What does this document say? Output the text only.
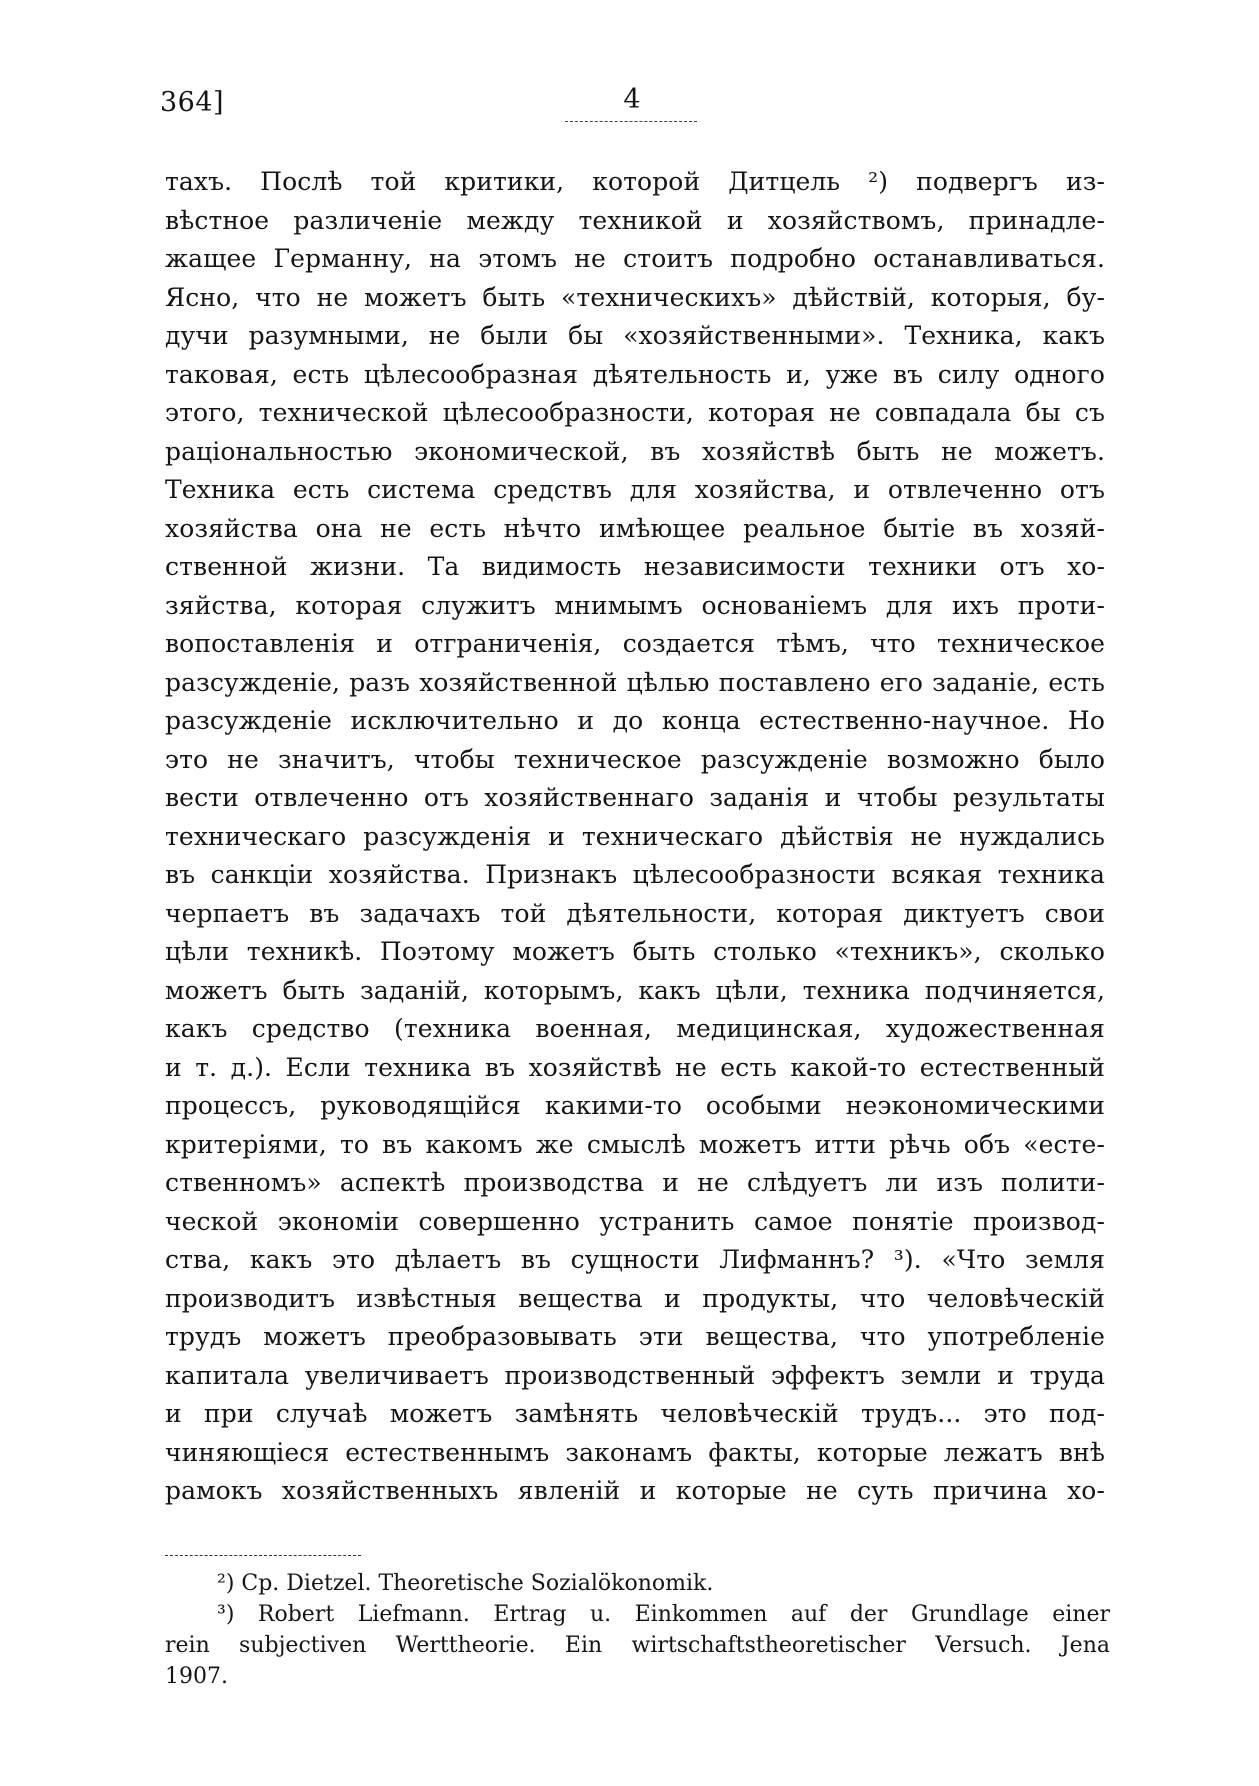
364]	4
тахъ. Послѣ той критики, которой Дитцель ²) подвергъ из-
вѣстное различеніе между техникой и хозяйствомъ, принадле-
жащее Германну, на этомъ не стоитъ подробно останавливаться.
Ясно, что не можетъ быть «техническихъ» дѣйствій, которыя, бу-
дучи разумными, не были бы «хозяйственными». Техника, какъ
таковая, есть цѣлесообразная дѣятельность и, уже въ силу одного
этого, технической цѣлесообразности, которая не совпадала бы съ
раціональностью экономической, въ хозяйствѣ быть не можетъ.
Техника есть система средствъ для хозяйства, и отвлеченно отъ
хозяйства она не есть нѣчто имѣющее реальное бытіе въ хозяй-
ственной жизни. Та видимость независимости техники отъ хо-
зяйства, которая служитъ мнимымъ основаніемъ для ихъ проти-
вопоставленія и отграниченія, создается тѣмъ, что техническое
разсужденіе, разъ хозяйственной цѣлью поставлено его заданіе, есть
разсужденіе исключительно и до конца естественно-научное. Но
это не значитъ, чтобы техническое разсужденіе возможно было
вести отвлеченно отъ хозяйственнаго заданія и чтобы результаты
техническаго разсужденія и техническаго дѣйствія не нуждались
въ санкціи хозяйства. Признакъ цѣлесообразности всякая техника
черпаетъ въ задачахъ той дѣятельности, которая диктуетъ свои
цѣли техникѣ. Поэтому можетъ быть столько «техникъ», сколько
можетъ быть заданій, которымъ, какъ цѣли, техника подчиняется,
какъ средство (техника военная, медицинская, художественная
и т. д.). Если техника въ хозяйствѣ не есть какой-то естественный
процессъ, руководящійся какими-то особыми неэкономическими
критеріями, то въ какомъ же смыслѣ можетъ итти рѣчь объ «есте-
ственномъ» аспектѣ производства и не слѣдуетъ ли изъ полити-
ческой экономіи совершенно устранить самое понятіе производ-
ства, какъ это дѣлаетъ въ сущности Лифманнъ? ³). «Что земля
производитъ извѣстныя вещества и продукты, что человѣческій
трудъ можетъ преобразовывать эти вещества, что употребленіе
капитала увеличиваетъ производственный эффектъ земли и труда
и при случаѣ можетъ замѣнять человѣческій трудъ... это под-
чиняющіеся естественнымъ законамъ факты, которые лежатъ внѣ
рамокъ хозяйственныхъ явленій и которые не суть причина хо-
²) Cp. Dietzel. Theoretische Sozialökonomik.
³) Robert Liefmann. Ertrag u. Einkommen auf der Grundlage einer
rein subjectiven Werttheorie. Ein wirtschaftstheoretischer Versuch. Jena
1907.
